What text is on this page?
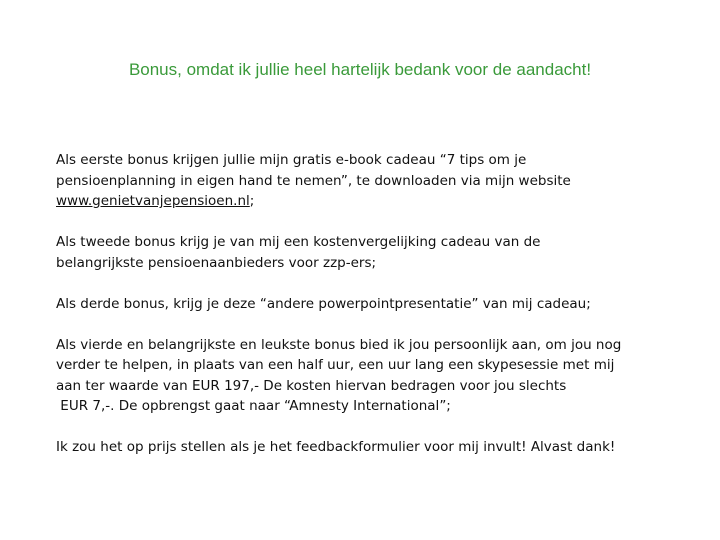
Bonus, omdat ik jullie heel hartelijk bedank voor de aandacht!

Als eerste bonus krijgen jullie mijn gratis e-book cadeau “7 tips om je
pensioenplanning in eigen hand te nemen”, te downloaden via mijn website
www.genietvanjepensioen.nl;

Als tweede bonus krijg je van mij een kostenvergelijking cadeau van de
belangrijkste pensioenaanbieders voor zzp-ers;

Als derde bonus, krijg je deze “andere powerpointpresentatie” van mij cadeau;

Als vierde en belangrijkste en leukste bonus bied ik jou persoonlijk aan, om jou nog
verder te helpen, in plaats van een half uur, een uur lang een skypesessie met mij
aan ter waarde van EUR 197,- De kosten hiervan bedragen voor jou slechts
EUR 7,-. De opbrengst gaat naar “Amnesty International”;

Ik zou het op prijs stellen als je het feedbackformulier voor mij invult! Alvast dank!
